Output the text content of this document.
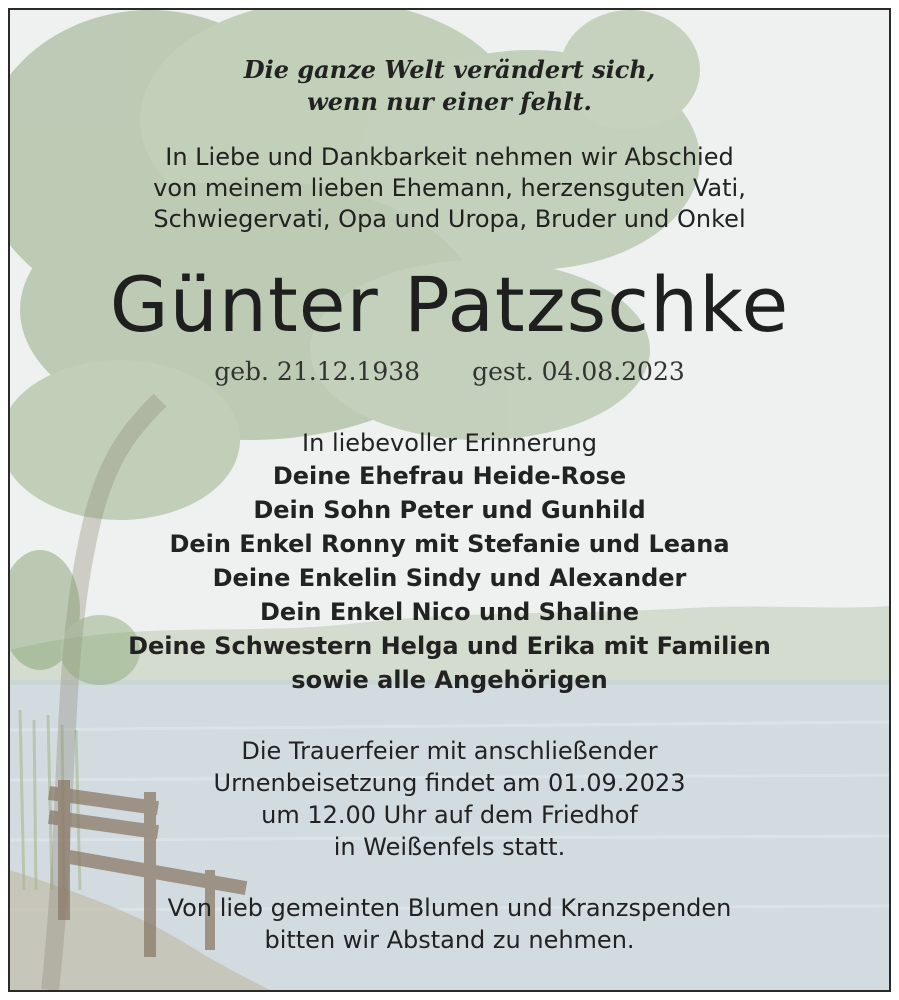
Die ganze Welt verändert sich,
wenn nur einer fehlt.
In Liebe und Dankbarkeit nehmen wir Abschied
von meinem lieben Ehemann, herzensguten Vati,
Schwiegervati, Opa und Uropa, Bruder und Onkel
Günter Patzschke
geb. 21.12.1938 gest. 04.08.2023
In liebevoller Erinnerung
Deine Ehefrau Heide-Rose
Dein Sohn Peter und Gunhild
Dein Enkel Ronny mit Stefanie und Leana
Deine Enkelin Sindy und Alexander
Dein Enkel Nico und Shaline
Deine Schwestern Helga und Erika mit Familien
sowie alle Angehörigen
Die Trauerfeier mit anschließender
Urnenbeisetzung findet am 01.09.2023
um 12.00 Uhr auf dem Friedhof
in Weißenfels statt.
Von lieb gemeinten Blumen und Kranzspenden
bitten wir Abstand zu nehmen.
